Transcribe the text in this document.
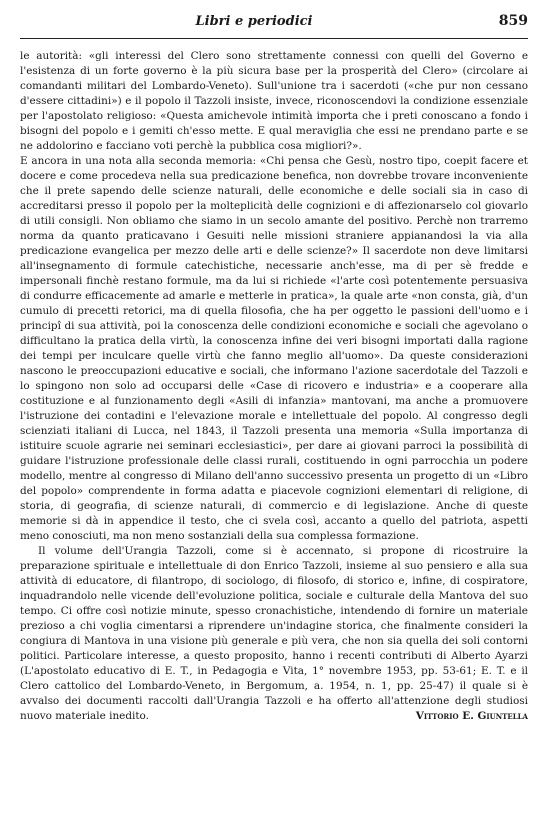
Libri e periodici	859

le autorità: «gli interessi del Clero sono strettamente connessi con quelli del Governo e l'esistenza di un forte governo è la più sicura base per la prosperità del Clero» (circolare ai comandanti militari del Lombardo-Veneto). Sull'unione tra i sacerdoti («che pur non cessano d'essere cittadini») e il popolo il Tazzoli insiste, invece, riconoscendovi la condizione essenziale per l'apostolato religioso: «Questa amichevole intimità importa che i preti conoscano a fondo i bisogni del popolo e i gemiti ch'esso mette. E qual meraviglia che essi ne prendano parte e se ne addolorino e facciano voti perchè la pubblica cosa migliori?».

E ancora in una nota alla seconda memoria: «Chi pensa che Gesù, nostro tipo, coepit facere et docere e come procedeva nella sua predicazione benefica, non dovrebbe trovare inconveniente che il prete sapendo delle scienze naturali, delle economiche e delle sociali sia in caso di accreditarsi presso il popolo per la molteplicità delle cognizioni e di affezionarselo col giovarlo di utili consigli. Non obliamo che siamo in un secolo amante del positivo. Perchè non trarremo norma da quanto praticavano i Gesuiti nelle missioni straniere appianandosi la via alla predicazione evangelica per mezzo delle arti e delle scienze?» Il sacerdote non deve limitarsi all'insegnamento di formule catechistiche, necessarie anch'esse, ma di per sè fredde e impersonali finchè restano formule, ma da lui si richiede «l'arte così potentemente persuasiva di condurre efficacemente ad amarle e metterle in pratica», la quale arte «non consta, già, d'un cumulo di precetti retorici, ma di quella filosofia, che ha per oggetto le passioni dell'uomo e i principî di sua attività, poi la conoscenza delle condizioni economiche e sociali che agevolano o difficultano la pratica della virtù, la conoscenza infine dei veri bisogni importati dalla ragione dei tempi per inculcare quelle virtù che fanno meglio all'uomo». Da queste considerazioni nascono le preoccupazioni educative e sociali, che informano l'azione sacerdotale del Tazzoli e lo spingono non solo ad occuparsi delle «Case di ricovero e industria» e a cooperare alla costituzione e al funzionamento degli «Asili di infanzia» mantovani, ma anche a promuovere l'istruzione dei contadini e l'elevazione morale e intellettuale del popolo. Al congresso degli scienziati italiani di Lucca, nel 1843, il Tazzoli presenta una memoria «Sulla importanza di istituire scuole agrarie nei seminari ecclesiastici», per dare ai giovani parroci la possibilità di guidare l'istruzione professionale delle classi rurali, costituendo in ogni parrocchia un podere modello, mentre al congresso di Milano dell'anno successivo presenta un progetto di un «Libro del popolo» comprendente in forma adatta e piacevole cognizioni elementari di religione, di storia, di geografia, di scienze naturali, di commercio e di legislazione. Anche di queste memorie si dà in appendice il testo, che ci svela così, accanto a quello del patriota, aspetti meno conosciuti, ma non meno sostanziali della sua complessa formazione.

Il volume dell'Urangia Tazzoli, come si è accennato, si propone di ricostruire la preparazione spirituale e intellettuale di don Enrico Tazzoli, insieme al suo pensiero e alla sua attività di educatore, di filantropo, di sociologo, di filosofo, di storico e, infine, di cospiratore, inquadrandolo nelle vicende dell'evoluzione politica, sociale e culturale della Mantova del suo tempo. Ci offre così notizie minute, spesso cronachistiche, intendendo di fornire un materiale prezioso a chi voglia cimentarsi a riprendere un'indagine storica, che finalmente consideri la congiura di Mantova in una visione più generale e più vera, che non sia quella dei soli contorni politici. Particolare interesse, a questo proposito, hanno i recenti contributi di Alberto Ayarzi (L'apostolato educativo di E. T., in Pedagogia e Vita, 1° novembre 1953, pp. 53-61; E. T. e il Clero cattolico del Lombardo-Veneto, in Bergomum, a. 1954, n. 1, pp. 25-47) il quale si è avvalso dei documenti raccolti dall'Urangia Tazzoli e ha offerto all'attenzione degli studiosi nuovo materiale inedito.	Vittorio E. Giuntella
